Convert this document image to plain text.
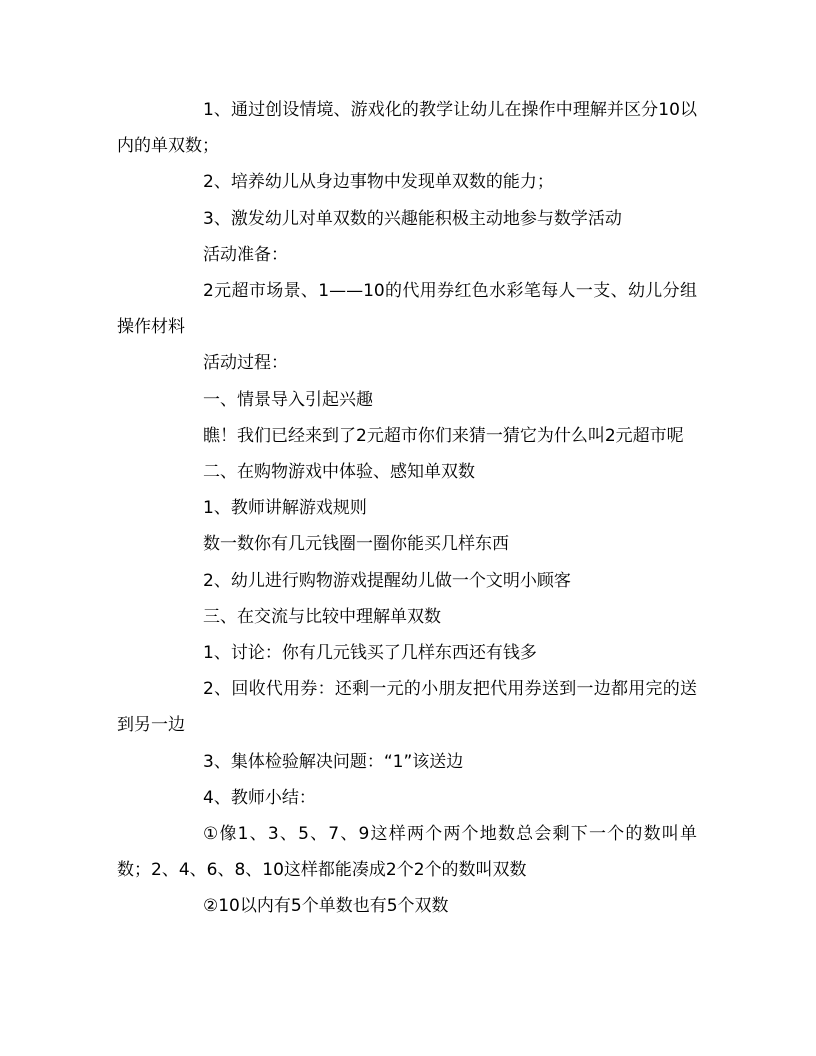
1、通过创设情境、游戏化的教学让幼儿在操作中理解并区分10以内的单双数；

2、培养幼儿从身边事物中发现单双数的能力；

3、激发幼儿对单双数的兴趣能积极主动地参与数学活动

活动准备：

2元超市场景、1——10的代用券红色水彩笔每人一支、幼儿分组操作材料

活动过程：

一、情景导入引起兴趣

瞧！我们已经来到了2元超市你们来猜一猜它为什么叫2元超市呢

二、在购物游戏中体验、感知单双数

1、教师讲解游戏规则

数一数你有几元钱圈一圈你能买几样东西

2、幼儿进行购物游戏提醒幼儿做一个文明小顾客

三、在交流与比较中理解单双数

1、讨论：你有几元钱买了几样东西还有钱多

2、回收代用券：还剩一元的小朋友把代用券送到一边都用完的送到另一边

3、集体检验解决问题：“1”该送边

4、教师小结：

①像1、3、5、7、9这样两个两个地数总会剩下一个的数叫单数；2、4、6、8、10这样都能凑成2个2个的数叫双数

②10以内有5个单数也有5个双数
